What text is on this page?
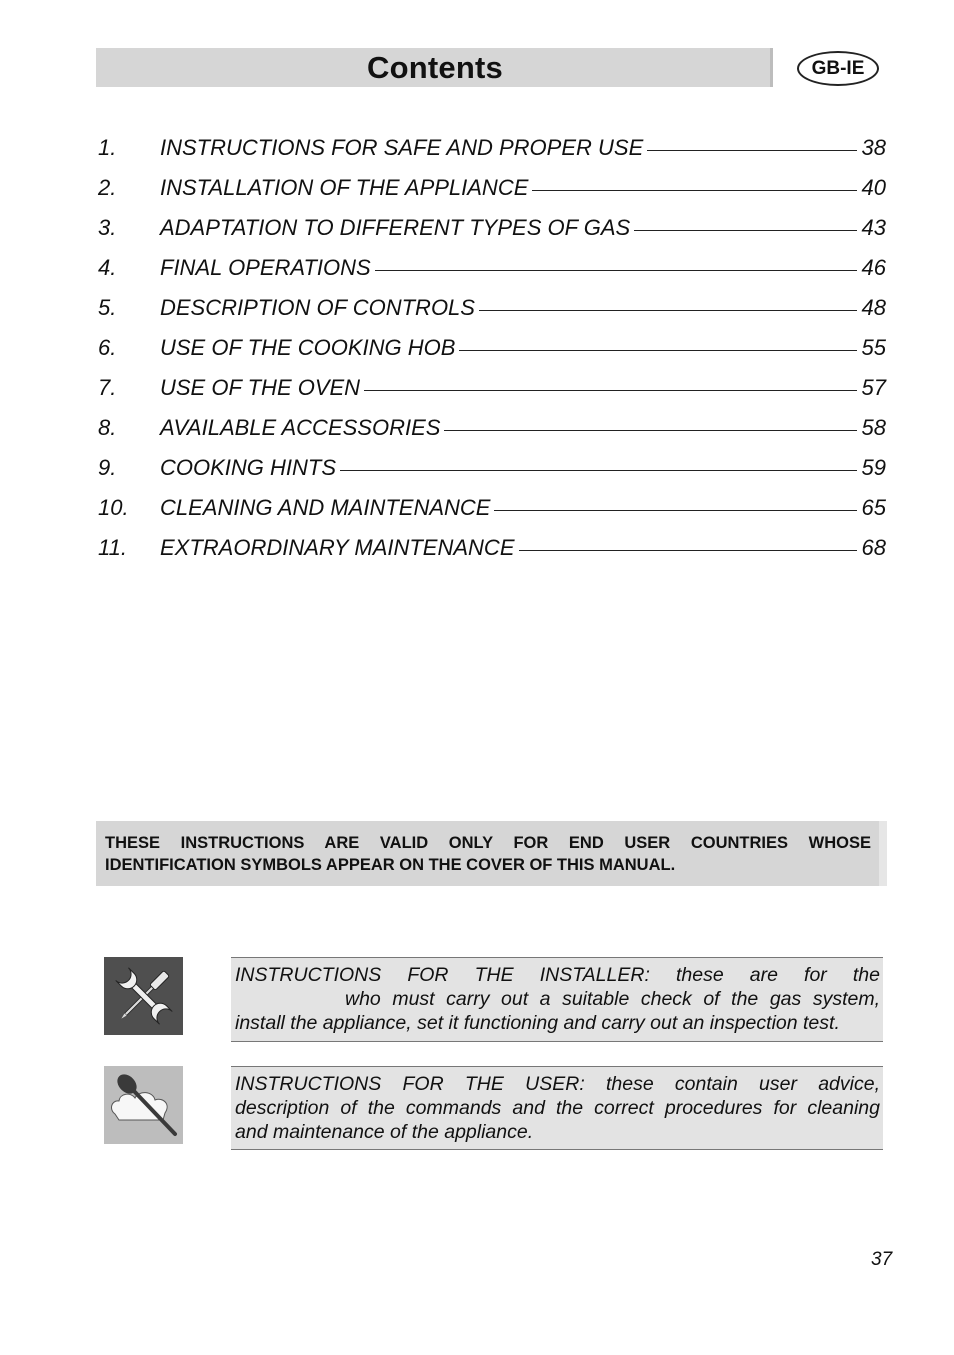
Contents	GB-IE
1.	INSTRUCTIONS FOR SAFE AND PROPER USE	38
2.	INSTALLATION OF THE APPLIANCE	40
3.	ADAPTATION TO DIFFERENT TYPES OF GAS	43
4.	FINAL OPERATIONS	46
5.	DESCRIPTION OF CONTROLS	48
6.	USE OF THE COOKING HOB	55
7.	USE OF THE OVEN	57
8.	AVAILABLE ACCESSORIES	58
9.	COOKING HINTS	59
10.	CLEANING AND MAINTENANCE	65
11.	EXTRAORDINARY MAINTENANCE	68

THESE INSTRUCTIONS ARE VALID ONLY FOR END USER COUNTRIES WHOSE

IDENTIFICATION SYMBOLS APPEAR ON THE COVER OF THIS MANUAL.

INSTRUCTIONS FOR THE INSTALLER: these are for the
who must carry out a suitable check of the gas system,
install the appliance, set it functioning and carry out an inspection test.
INSTRUCTIONS FOR THE USER: these contain user advice,
description of the commands and the correct procedures for cleaning
and maintenance of the appliance.
37
